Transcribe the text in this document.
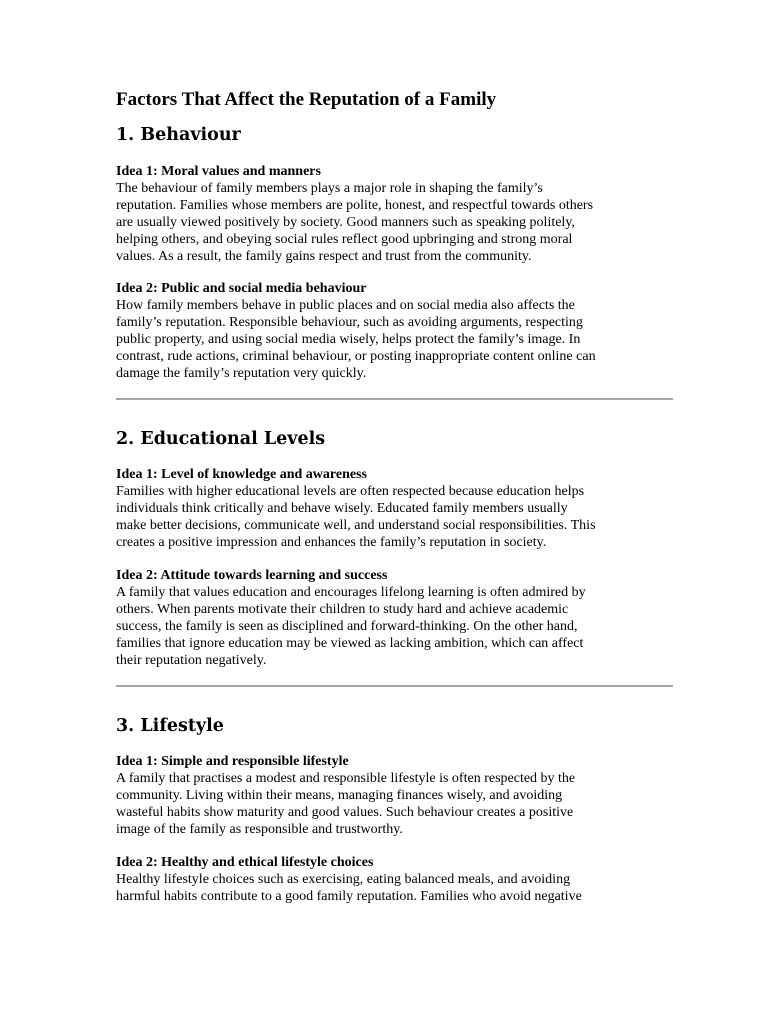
Factors That Affect the Reputation of a Family
1. Behaviour
Idea 1: Moral values and manners

The behaviour of family members plays a major role in shaping the family’s
reputation. Families whose members are polite, honest, and respectful towards others
are usually viewed positively by society. Good manners such as speaking politely,
helping others, and obeying social rules reflect good upbringing and strong moral
values. As a result, the family gains respect and trust from the community.

Idea 2: Public and social media behaviour

How family members behave in public places and on social media also affects the
family’s reputation. Responsible behaviour, such as avoiding arguments, respecting
public property, and using social media wisely, helps protect the family’s image. In
contrast, rude actions, criminal behaviour, or posting inappropriate content online can
damage the family’s reputation very quickly.

2. Educational Levels
Idea 1: Level of knowledge and awareness

Families with higher educational levels are often respected because education helps
individuals think critically and behave wisely. Educated family members usually
make better decisions, communicate well, and understand social responsibilities. This
creates a positive impression and enhances the family’s reputation in society.

Idea 2: Attitude towards learning and success

A family that values education and encourages lifelong learning is often admired by
others. When parents motivate their children to study hard and achieve academic
success, the family is seen as disciplined and forward-thinking. On the other hand,
families that ignore education may be viewed as lacking ambition, which can affect
their reputation negatively.

3. Lifestyle
Idea 1: Simple and responsible lifestyle

A family that practises a modest and responsible lifestyle is often respected by the
community. Living within their means, managing finances wisely, and avoiding
wasteful habits show maturity and good values. Such behaviour creates a positive
image of the family as responsible and trustworthy.

Idea 2: Healthy and ethical lifestyle choices

Healthy lifestyle choices such as exercising, eating balanced meals, and avoiding
harmful habits contribute to a good family reputation. Families who avoid negative
